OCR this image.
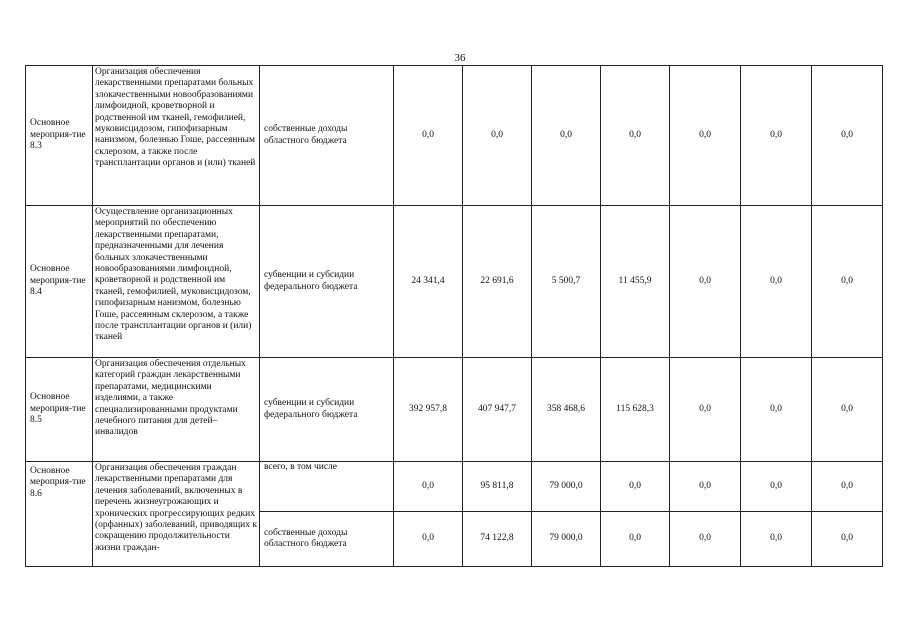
36
Основное мероприя-тие 8.3	Организация обеспечения лекарственными препаратами больных злокачественными новообразованиями лимфоидной, кроветворной и родственной им тканей, гемофилией, муковисцидозом, гипофизарным нанизмом, болезнью Гоше, рассеянным склерозом, а также после трансплантации органов и (или) тканей	собственные доходы областного бюджета	0,0	0,0	0,0	0,0	0,0	0,0	0,0
Основное мероприя-тие 8.4	Осуществление организационных мероприятий по обеспечению лекарственными препаратами, предназначенными для лечения больных злокачественными новообразованиями лимфоидной, кроветворной и родственной им тканей, гемофилией, муковисцидозом, гипофизарным нанизмом, болезнью Гоше, рассеянным склерозом, а также после трансплантации органов и (или) тканей	субвенции и субсидии федерального бюджета	24 341,4	22 691,6	5 500,7	11 455,9	0,0	0,0	0,0
Основное мероприя-тие 8.5	Организация обеспечения отдельных категорий граждан лекарственными препаратами, медицинскими изделиями, а также специализированными продуктами лечебного питания для детей–инвалидов	субвенции и субсидии федерального бюджета	392 957,8	407 947,7	358 468,6	115 628,3	0,0	0,0	0,0
Основное мероприя-тие 8.6	Организация обеспечения граждан лекарственными препаратами для лечения заболеваний, включенных в перечень жизнеугрожающих и хронических прогрессирующих редких (орфанных) заболеваний, приводящих к сокращению продолжительности жизни граждан-	всего, в том числе	0,0	95 811,8	79 000,0	0,0	0,0	0,0	0,0
		собственные доходы областного бюджета	0,0	74 122,8	79 000,0	0,0	0,0	0,0	0,0
